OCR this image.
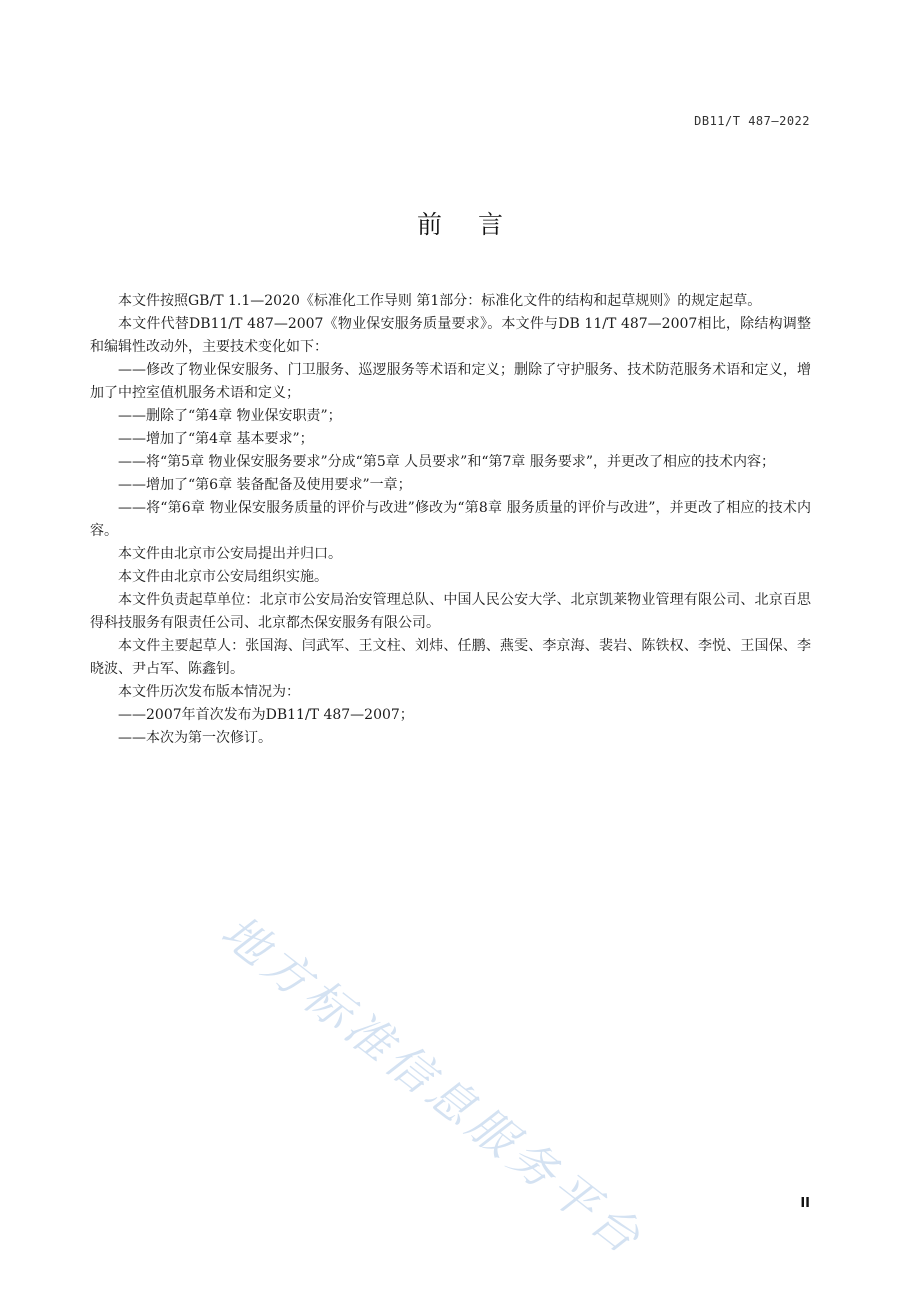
DB11/T 487—2022
前言

本文件按照GB/T 1.1—2020《标准化工作导则 第1部分：标准化文件的结构和起草规则》的规定起草。

本文件代替DB11/T 487—2007《物业保安服务质量要求》。本文件与DB 11/T 487—2007相比，除结构调整和编辑性改动外，主要技术变化如下：

——修改了物业保安服务、门卫服务、巡逻服务等术语和定义；删除了守护服务、技术防范服务术语和定义，增加了中控室值机服务术语和定义；

——删除了“第4章 物业保安职责”；

——增加了“第4章 基本要求”；

——将“第5章 物业保安服务要求”分成“第5章 人员要求”和“第7章 服务要求”，并更改了相应的技术内容；

——增加了“第6章 装备配备及使用要求”一章；

——将“第6章 物业保安服务质量的评价与改进”修改为“第8章 服务质量的评价与改进”，并更改了相应的技术内容。

本文件由北京市公安局提出并归口。

本文件由北京市公安局组织实施。

本文件负责起草单位：北京市公安局治安管理总队、中国人民公安大学、北京凯莱物业管理有限公司、北京百思得科技服务有限责任公司、北京都杰保安服务有限公司。

本文件主要起草人：张国海、闫武军、王文柱、刘炜、任鹏、燕雯、李京海、裴岩、陈铁权、李悦、王国保、李晓波、尹占军、陈鑫钊。

本文件历次发布版本情况为：

——2007年首次发布为DB11/T 487—2007；

——本次为第一次修订。

地方标准信息服务平台	II
